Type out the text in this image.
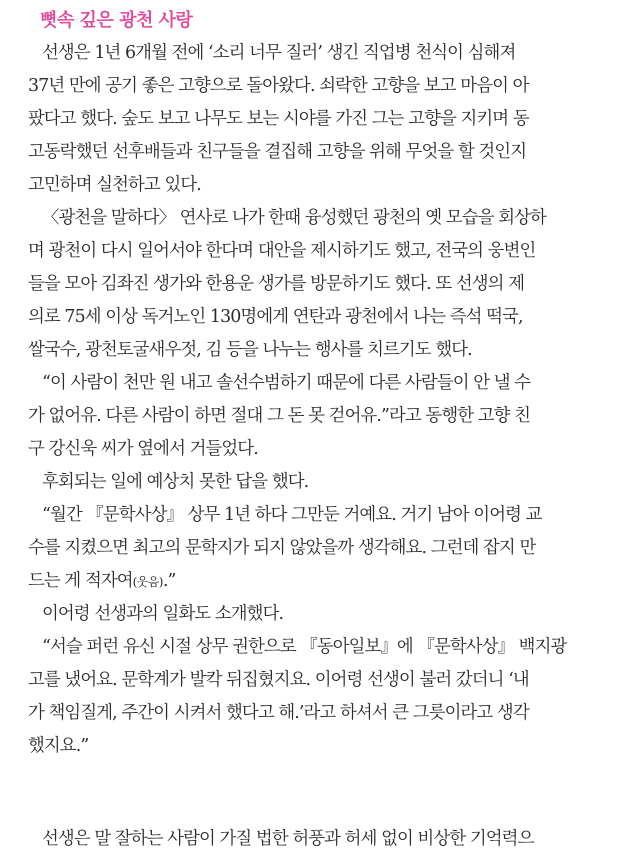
뼛속 깊은 광천 사랑
선생은 1년 6개월 전에 ‘소리 너무 질러’ 생긴 직업병 천식이 심해져
37년 만에 공기 좋은 고향으로 돌아왔다. 쇠락한 고향을 보고 마음이 아
팠다고 했다. 숲도 보고 나무도 보는 시야를 가진 그는 고향을 지키며 동
고동락했던 선후배들과 친구들을 결집해 고향을 위해 무엇을 할 것인지
고민하며 실천하고 있다.
〈광천을 말하다〉 연사로 나가 한때 융성했던 광천의 옛 모습을 회상하
며 광천이 다시 일어서야 한다며 대안을 제시하기도 했고, 전국의 웅변인
들을 모아 김좌진 생가와 한용운 생가를 방문하기도 했다. 또 선생의 제
의로 75세 이상 독거노인 130명에게 연탄과 광천에서 나는 즉석 떡국,
쌀국수, 광천토굴새우젓, 김 등을 나누는 행사를 치르기도 했다.
“이 사람이 천만 원 내고 솔선수범하기 때문에 다른 사람들이 안 낼 수
가 없어유. 다른 사람이 하면 절대 그 돈 못 걷어유.”라고 동행한 고향 친
구 강신욱 씨가 옆에서 거들었다.
후회되는 일에 예상치 못한 답을 했다.
“월간 『문학사상』 상무 1년 하다 그만둔 거예요. 거기 남아 이어령 교
수를 지켰으면 최고의 문학지가 되지 않았을까 생각해요. 그런데 잡지 만
드는 게 적자여(웃음).”
이어령 선생과의 일화도 소개했다.
“서슬 퍼런 유신 시절 상무 권한으로 『동아일보』에 『문학사상』 백지광
고를 냈어요. 문학계가 발칵 뒤집혔지요. 이어령 선생이 불러 갔더니 ‘내
가 책임질게, 주간이 시켜서 했다고 해.’라고 하셔서 큰 그릇이라고 생각
했지요.”
선생은 말 잘하는 사람이 가질 법한 허풍과 허세 없이 비상한 기억력으
